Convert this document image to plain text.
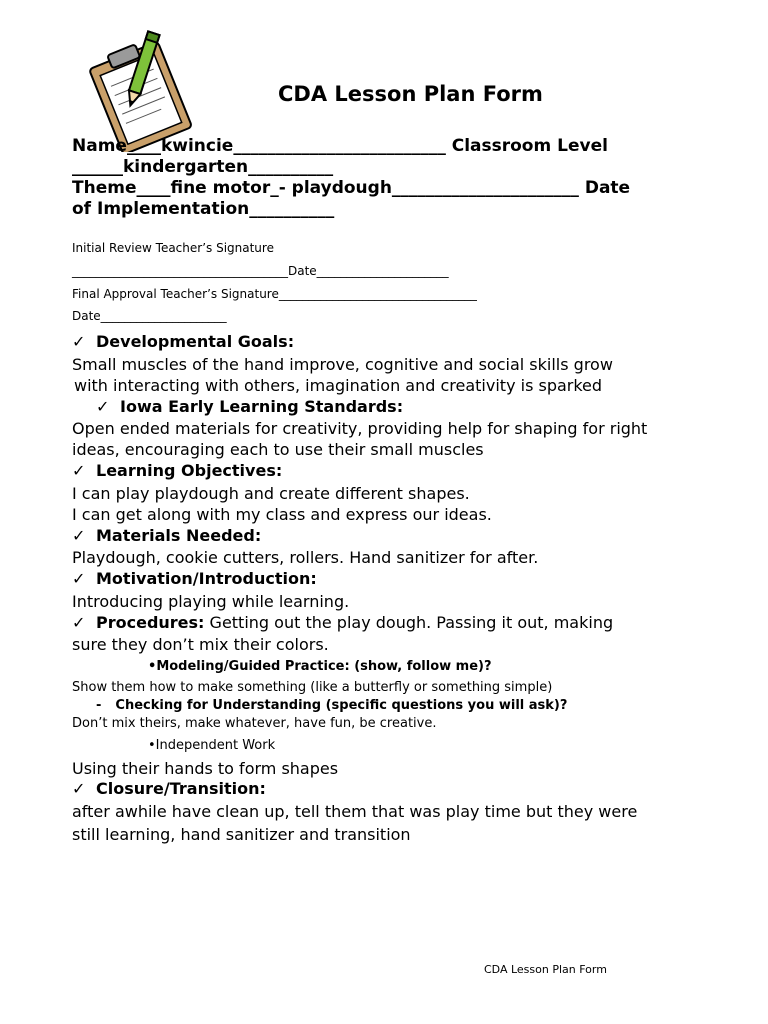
CDA Lesson Plan Form
Name____kwincie_________________________ Classroom Level
______kindergarten__________
Theme____fine motor_- playdough______________________ Date
of Implementation__________
Initial Review Teacher’s Signature
____________________________________Date______________________
Final Approval Teacher’s Signature_________________________________
Date_____________________
✓ Developmental Goals:
Small muscles of the hand improve, cognitive and social skills grow
with interacting with others, imagination and creativity is sparked
✓ Iowa Early Learning Standards:
Open ended materials for creativity, providing help for shaping for right
ideas, encouraging each to use their small muscles
✓ Learning Objectives:
I can play playdough and create different shapes.
I can get along with my class and express our ideas.
✓ Materials Needed:
Playdough, cookie cutters, rollers. Hand sanitizer for after.
✓ Motivation/Introduction:
Introducing playing while learning.
✓ Procedures: Getting out the play dough. Passing it out, making
sure they don’t mix their colors.
•Modeling/Guided Practice: (show, follow me)?
Show them how to make something (like a butterfly or something simple)
- Checking for Understanding (specific questions you will ask)?
Don’t mix theirs, make whatever, have fun, be creative.
•Independent Work
Using their hands to form shapes
✓ Closure/Transition:
after awhile have clean up, tell them that was play time but they were
still learning, hand sanitizer and transition
CDA Lesson Plan Form
